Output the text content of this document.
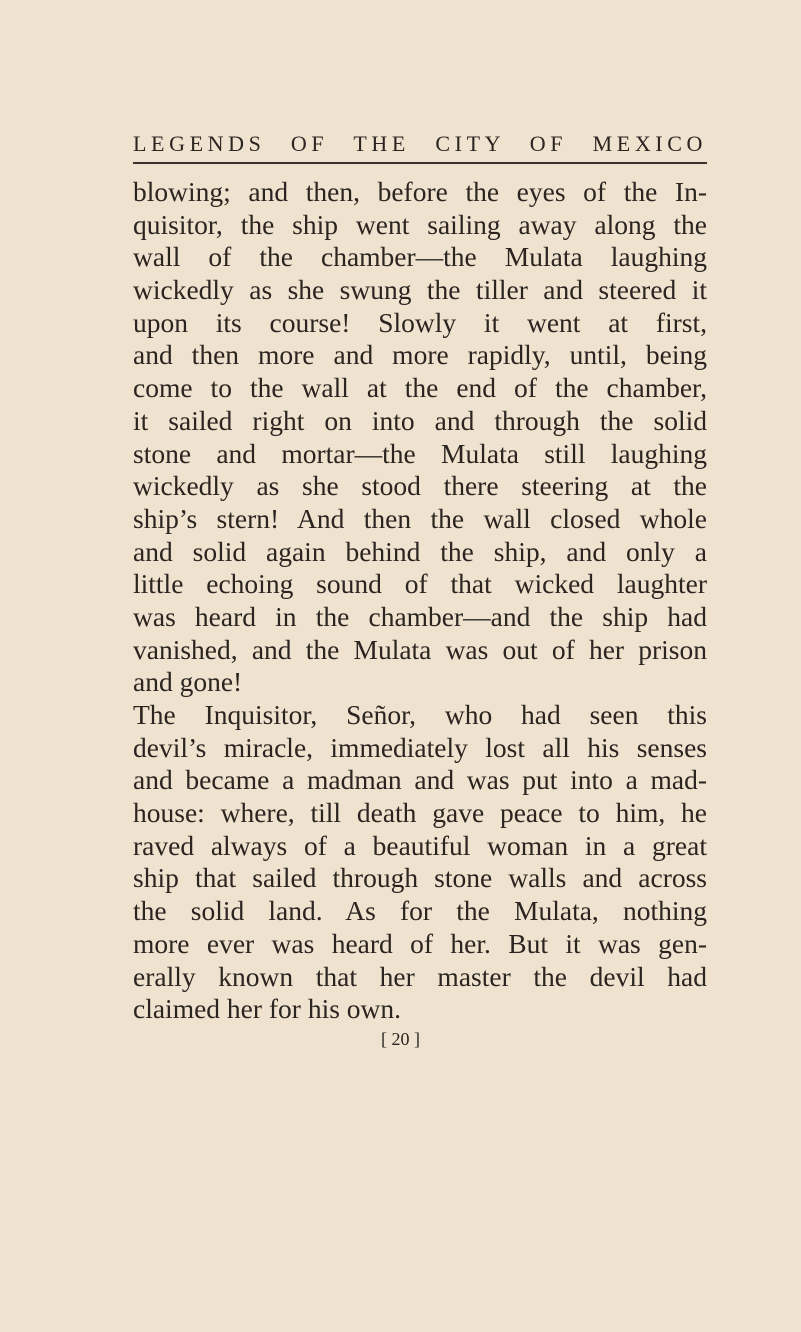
LEGENDS OF THE CITY OF MEXICO
blowing; and then, before the eyes of the In-
quisitor, the ship went sailing away along the
wall of the chamber—the Mulata laughing
wickedly as she swung the tiller and steered it
upon its course! Slowly it went at first,
and then more and more rapidly, until, being
come to the wall at the end of the chamber,
it sailed right on into and through the solid
stone and mortar—the Mulata still laughing
wickedly as she stood there steering at the
ship’s stern! And then the wall closed whole
and solid again behind the ship, and only a
little echoing sound of that wicked laughter
was heard in the chamber—and the ship had
vanished, and the Mulata was out of her prison
and gone!
The Inquisitor, Señor, who had seen this
devil’s miracle, immediately lost all his senses
and became a madman and was put into a mad-
house: where, till death gave peace to him, he
raved always of a beautiful woman in a great
ship that sailed through stone walls and across
the solid land. As for the Mulata, nothing
more ever was heard of her. But it was gen-
erally known that her master the devil had
claimed her for his own.
[ 20 ]
